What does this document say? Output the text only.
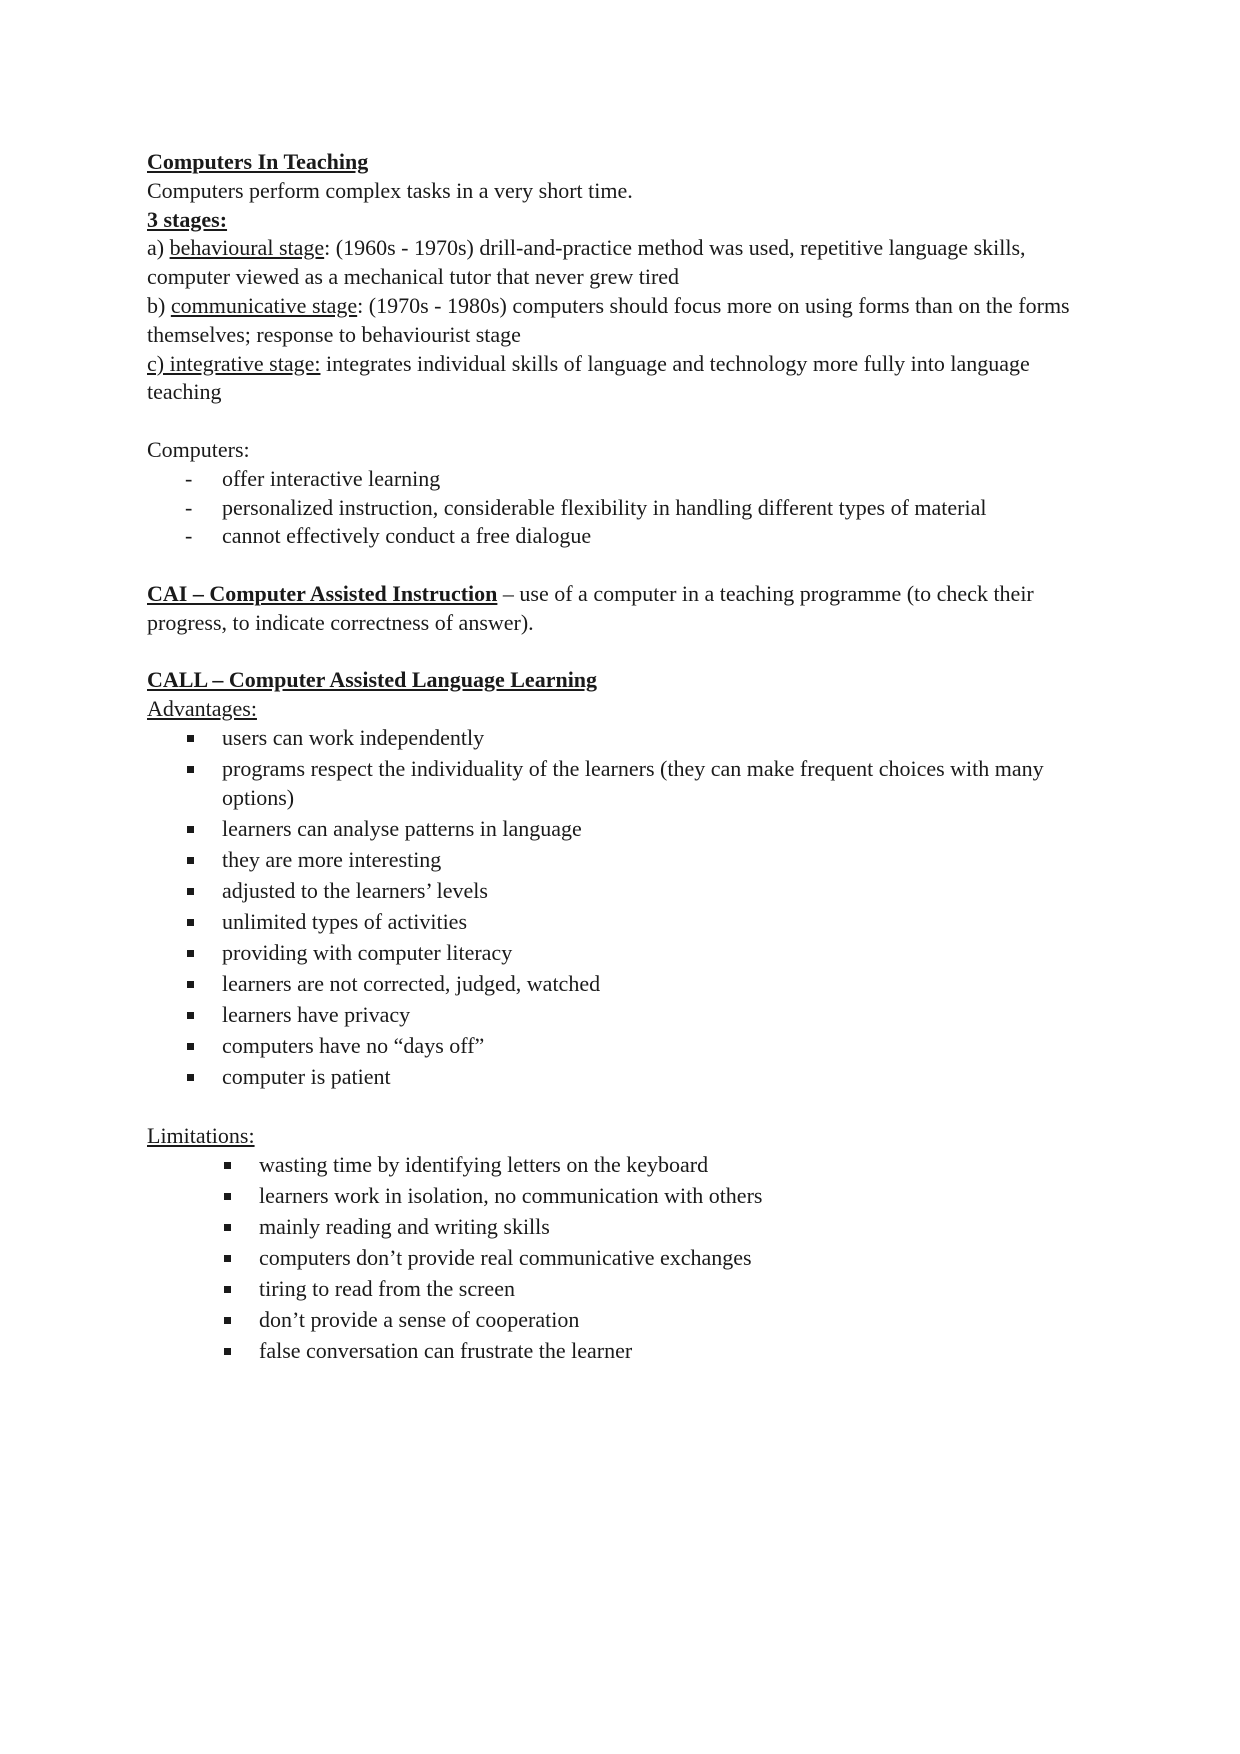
Computers In Teaching

Computers perform complex tasks in a very short time.

3 stages:

a) behavioural stage: (1960s - 1970s) drill-and-practice method was used, repetitive language skills, computer viewed as a mechanical tutor that never grew tired

b) communicative stage: (1970s - 1980s) computers should focus more on using forms than on the forms themselves; response to behaviourist stage

c) integrative stage: integrates individual skills of language and technology more fully into language teaching

Computers:

- offer interactive learning
- personalized instruction, considerable flexibility in handling different types of material
- cannot effectively conduct a free dialogue

CAI – Computer Assisted Instruction – use of a computer in a teaching programme (to check their progress, to indicate correctness of answer).

CALL – Computer Assisted Language Learning

Advantages:

users can work independently
programs respect the individuality of the learners (they can make frequent choices with many options)
learners can analyse patterns in language
they are more interesting
adjusted to the learners’ levels
unlimited types of activities
providing with computer literacy
learners are not corrected, judged, watched
learners have privacy
computers have no “days off”
computer is patient

Limitations:

wasting time by identifying letters on the keyboard
learners work in isolation, no communication with others
mainly reading and writing skills
computers don’t provide real communicative exchanges
tiring to read from the screen
don’t provide a sense of cooperation
false conversation can frustrate the learner
